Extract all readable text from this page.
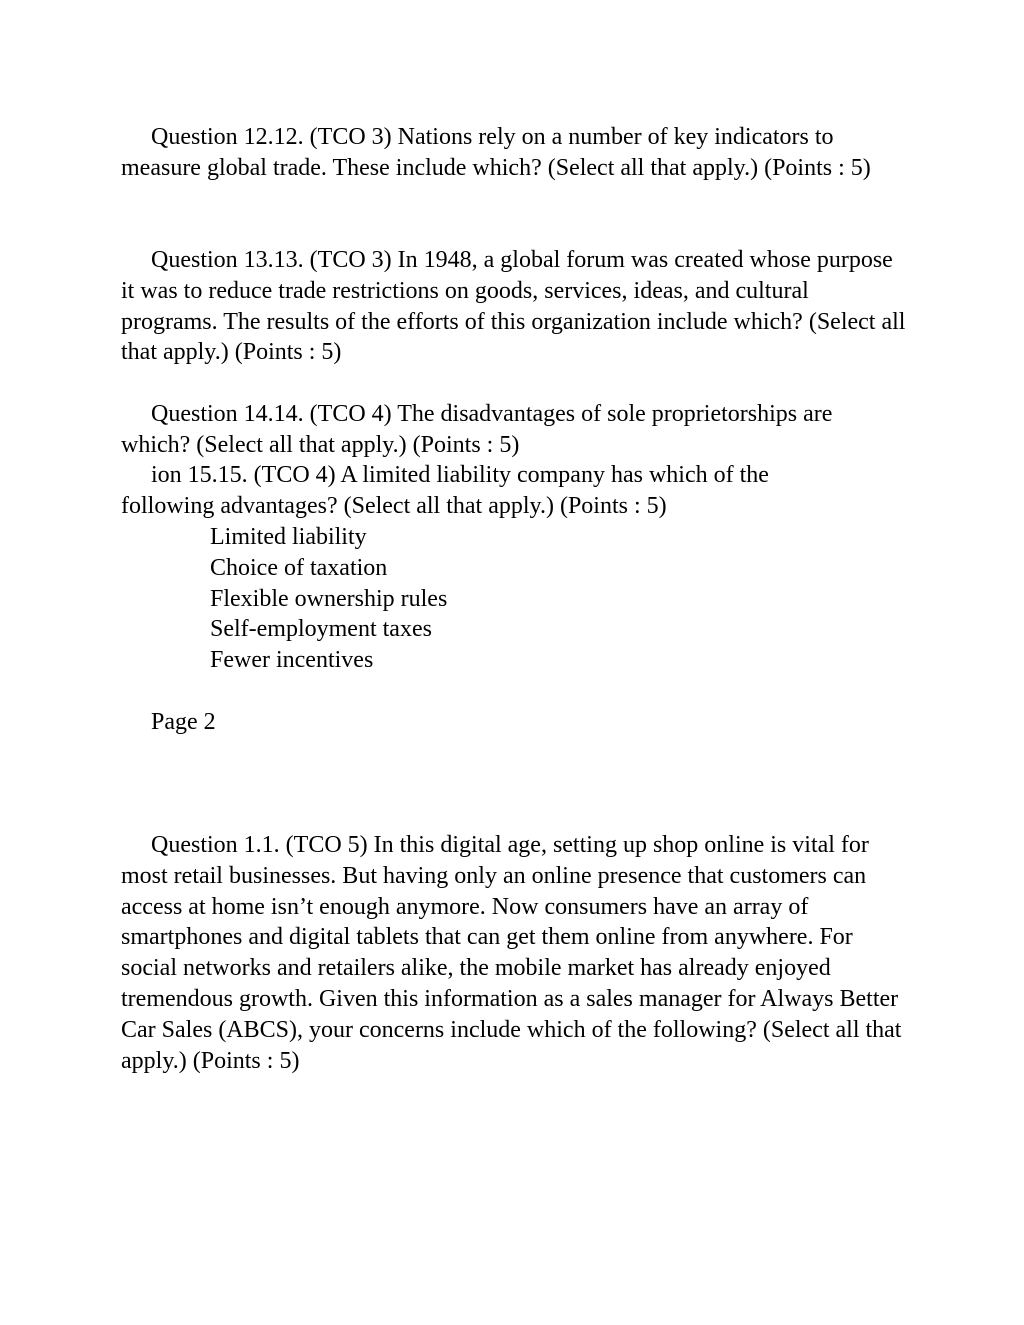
Question 12.12. (TCO 3) Nations rely on a number of key indicators to measure global trade. These include which? (Select all that apply.) (Points : 5)

Question 13.13. (TCO 3) In 1948, a global forum was created whose purpose it was to reduce trade restrictions on goods, services, ideas, and cultural programs. The results of the efforts of this organization include which? (Select all that apply.) (Points : 5)

Question 14.14. (TCO 4) The disadvantages of sole proprietorships are which? (Select all that apply.) (Points : 5)

ion 15.15. (TCO 4) A limited liability company has which of the

following advantages? (Select all that apply.) (Points : 5)

Limited liability

Choice of taxation

Flexible ownership rules

Self-employment taxes

Fewer incentives

Page 2

Question 1.1. (TCO 5) In this digital age, setting up shop online is vital for most retail businesses. But having only an online presence that customers can access at home isn’t enough anymore. Now consumers have an array of smartphones and digital tablets that can get them online from anywhere. For social networks and retailers alike, the mobile market has already enjoyed tremendous growth. Given this information as a sales manager for Always Better Car Sales (ABCS), your concerns include which of the following? (Select all that apply.) (Points : 5)
